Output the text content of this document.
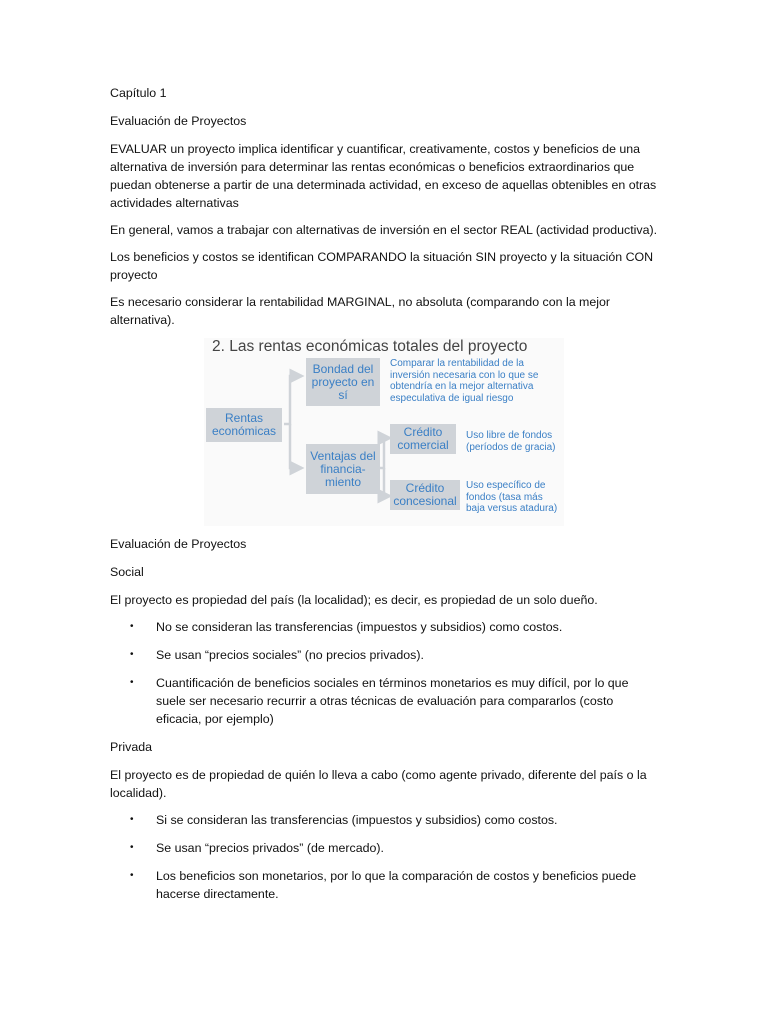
Capítulo 1

Evaluación de Proyectos

EVALUAR un proyecto implica identificar y cuantificar, creativamente, costos y beneficios de una alternativa de inversión para determinar las rentas económicas o beneficios extraordinarios que puedan obtenerse a partir de una determinada actividad, en exceso de aquellas obtenibles en otras actividades alternativas

En general, vamos a trabajar con alternativas de inversión en el sector REAL (actividad productiva).

Los beneficios y costos se identifican COMPARANDO la situación SIN proyecto y la situación CON proyecto

Es necesario considerar la rentabilidad MARGINAL, no absoluta (comparando con la mejor alternativa).

2. Las rentas económicas totales del proyecto
Rentas económicas
Bondad del proyecto en sí
Comparar la rentabilidad de la inversión necesaria con lo que se obtendría en la mejor alternativa especulativa de igual riesgo
Ventajas del financia-miento
Crédito comercial
Uso libre de fondos (períodos de gracia)
Crédito concesional
Uso específico de fondos (tasa más baja versus atadura)

Evaluación de Proyectos

Social

El proyecto es propiedad del país (la localidad); es decir, es propiedad de un solo dueño.

• No se consideran las transferencias (impuestos y subsidios) como costos.
• Se usan “precios sociales” (no precios privados).
• Cuantificación de beneficios sociales en términos monetarios es muy difícil, por lo que suele ser necesario recurrir a otras técnicas de evaluación para compararlos (costo eficacia, por ejemplo)

Privada

El proyecto es de propiedad de quién lo lleva a cabo (como agente privado, diferente del país o la localidad).

• Si se consideran las transferencias (impuestos y subsidios) como costos.
• Se usan “precios privados” (de mercado).
• Los beneficios son monetarios, por lo que la comparación de costos y beneficios puede hacerse directamente.
